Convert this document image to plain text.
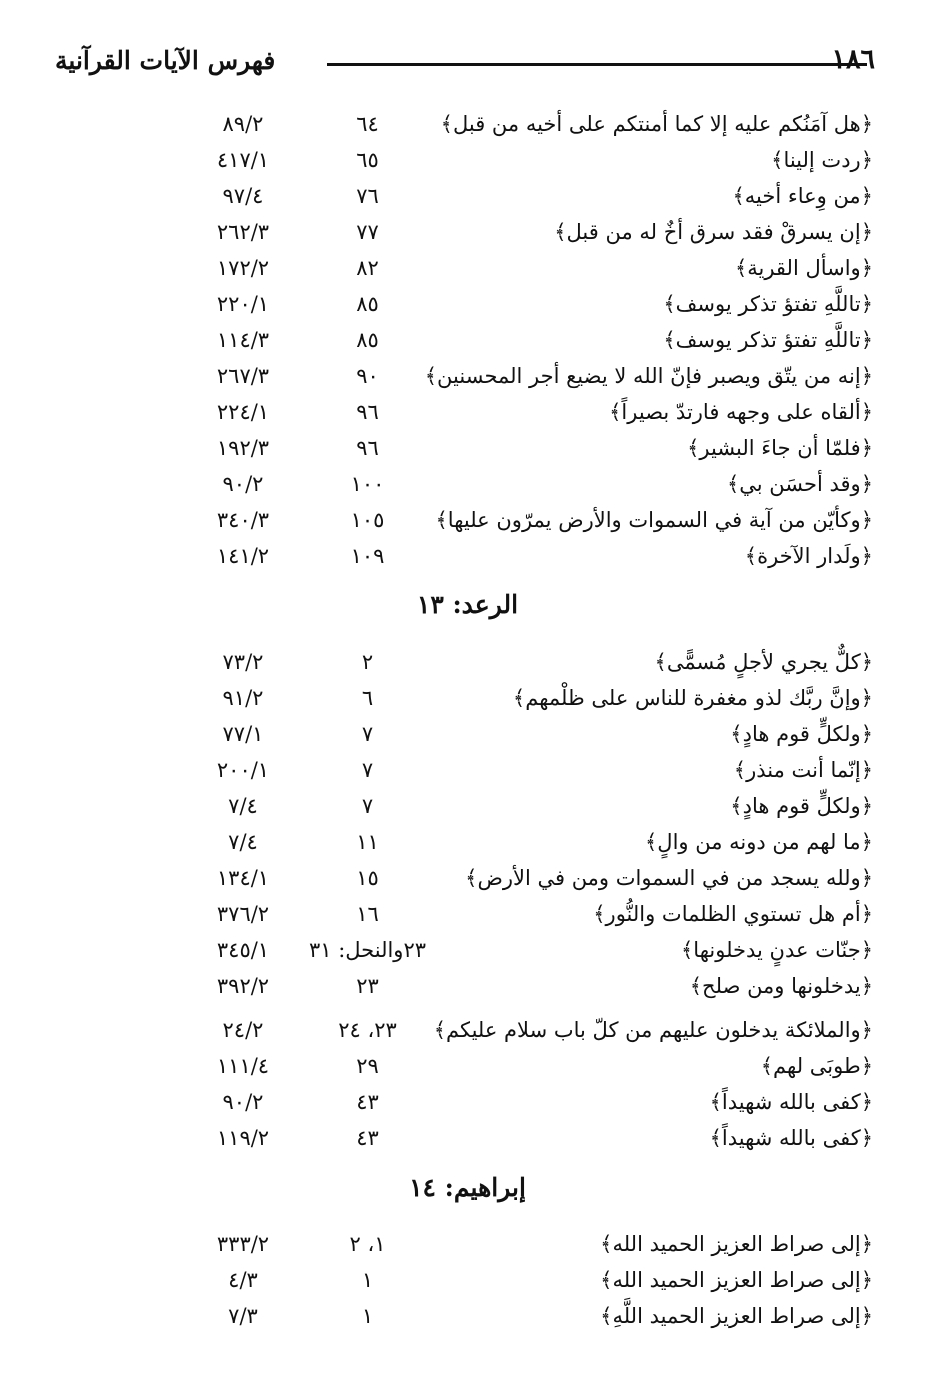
فهرس الآيات القرآنية	١٨٦
﴿هل آمَنُكم عليه إلا كما أمنتكم على أخيه من قبل﴾
٦٤
٨٩/٢
﴿ردت إلينا﴾
٦٥
٤١٧/١
﴿من وِعاء أخيه﴾
٧٦
٩٧/٤
﴿إن يسرقْ فقد سرق أخٌ له من قبل﴾
٧٧
٢٦٢/٣
﴿واسأل القرية﴾
٨٢
١٧٢/٢
﴿تاللَّهِ تفتؤ تذكر يوسف﴾
٨٥
٢٢٠/١
﴿تاللَّهِ تفتؤ تذكر يوسف﴾
٨٥
١١٤/٣
﴿إنه من يتّق ويصبر فإنّ الله لا يضيع أجر المحسنين﴾
٩٠
٢٦٧/٣
﴿ألقاه على وجهه فارتدّ بصيراً﴾
٩٦
٢٢٤/١
﴿فلمّا أن جاءَ البشير﴾
٩٦
١٩٢/٣
﴿وقد أحسَن بي﴾
١٠٠
٩٠/٢
﴿وكأيّن من آية في السموات والأرض يمرّون عليها﴾
١٠٥
٣٤٠/٣
﴿ولَدار الآخرة﴾
١٠٩
١٤١/٢
الرعد: ١٣
﴿كلٌّ يجري لأجلٍ مُسمًّى﴾
٢
٧٣/٢
﴿وإنَّ ربَّك لذو مغفرة للناس على ظلْمهم﴾
٦
٩١/٢
﴿ولكلٍّ قوم هادٍ﴾
٧
٧٧/١
﴿إنّما أنت منذر﴾
٧
٢٠٠/١
﴿ولكلٍّ قوم هادٍ﴾
٧
٧/٤
﴿ما لهم من دونه من والٍ﴾
١١
٧/٤
﴿ولله يسجد من في السموات ومن في الأرض﴾
١٥
١٣٤/١
﴿أم هل تستوي الظلمات والنُّور﴾
١٦
٣٧٦/٢
﴿جنّات عدنٍ يدخلونها﴾
٢٣والنحل: ٣١
٣٤٥/١
﴿يدخلونها ومن صلح﴾
٢٣
٣٩٢/٢
﴿والملائكة يدخلون عليهم من كلّ باب سلام عليكم﴾
٢٣، ٢٤
٢٤/٢
﴿طوبَى لهم﴾
٢٩
١١١/٤
﴿كفى بالله شهيداً﴾
٤٣
٩٠/٢
﴿كفى بالله شهيداً﴾
٤٣
١١٩/٢
إبراهيم: ١٤
﴿إلى صراط العزيز الحميد الله﴾
١، ٢
٣٣٣/٢
﴿إلى صراط العزيز الحميد الله﴾
١
٤/٣
﴿إلى صراط العزيز الحميد اللَّهِ﴾
١
٧/٣
